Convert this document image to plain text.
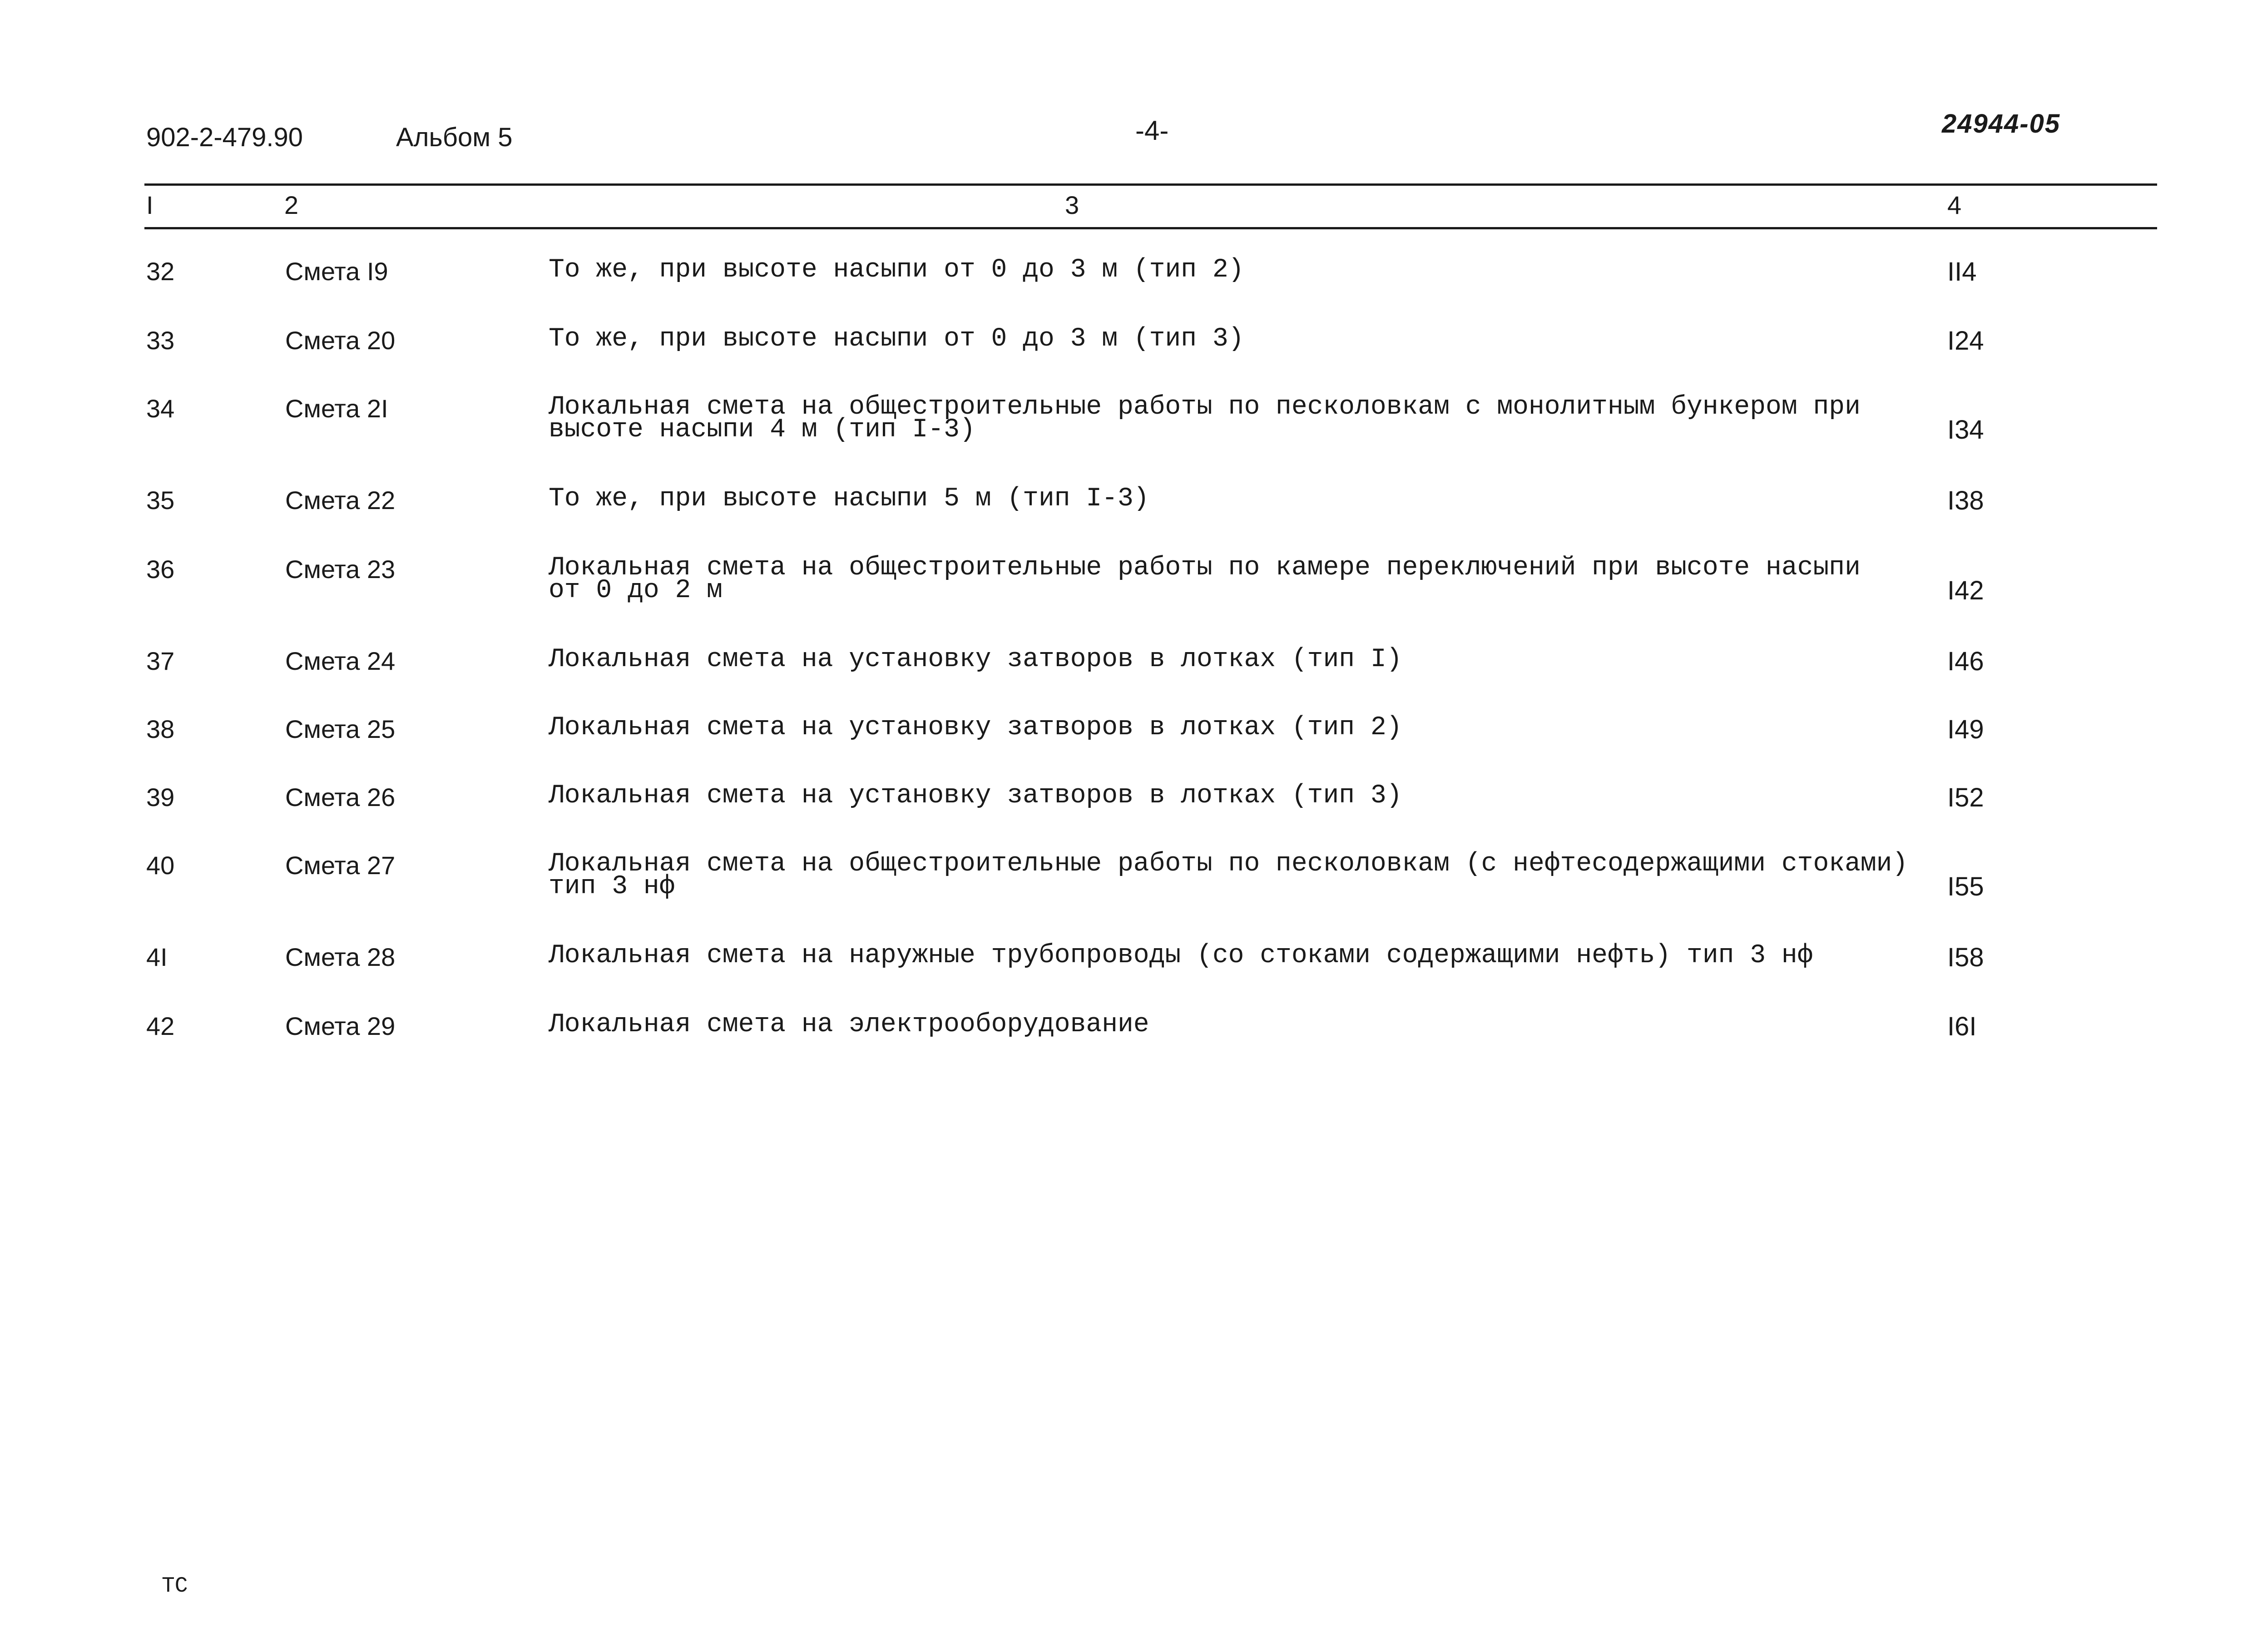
902-2-479.90	Альбом 5	-4-	24944-05
I	2	3	4
32	Смета I9	То же, при высоте насыпи от 0 до 3 м (тип 2)	II4
33	Смета 20	То же, при высоте насыпи от 0 до 3 м (тип 3)	I24
34	Смета 2I	Локальная смета на общестроительные работы по песколовкам с монолитным бункером при
высоте насыпи 4 м (тип I-3)	I34
35	Смета 22	То же, при высоте насыпи 5 м (тип I-3)	I38
36	Смета 23	Локальная смета на общестроительные работы по камере переключений при высоте насыпи
от 0 до 2 м	I42
37	Смета 24	Локальная смета на установку затворов в лотках (тип I)	I46
38	Смета 25	Локальная смета на установку затворов в лотках (тип 2)	I49
39	Смета 26	Локальная смета на установку затворов в лотках (тип 3)	I52
40	Смета 27	Локальная смета на общестроительные работы по песколовкам (с нефтесодержащими стоками)
тип 3 нф	I55
4I	Смета 28	Локальная смета на наружные трубопроводы (со стоками содержащими нефть) тип 3 нф	I58
42	Смета 29	Локальная смета на электрооборудование	I6I
ТС
